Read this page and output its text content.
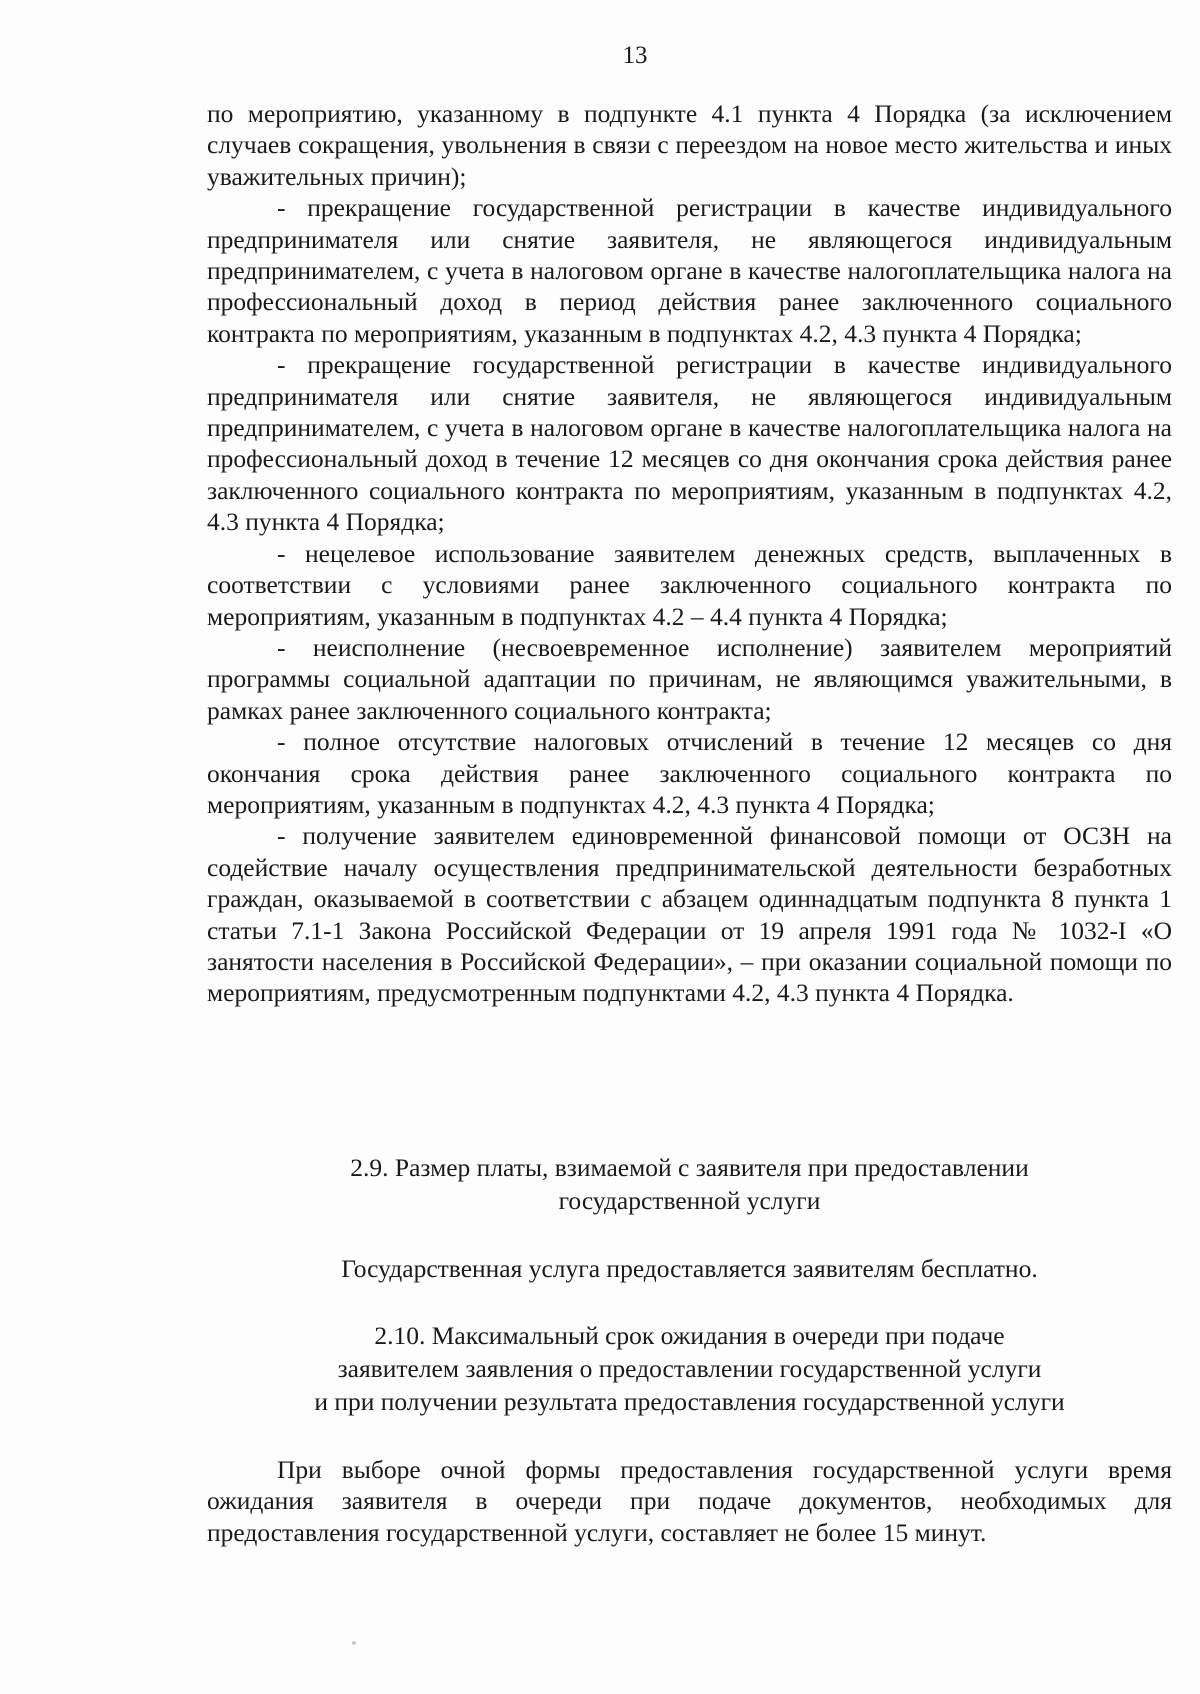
13

по мероприятию, указанному в подпункте 4.1 пункта 4 Порядка (за исключением случаев сокращения, увольнения в связи с переездом на новое место жительства и иных уважительных причин);

- прекращение государственной регистрации в качестве индивидуального предпринимателя или снятие заявителя, не являющегося индивидуальным предпринимателем, с учета в налоговом органе в качестве налогоплательщика налога на профессиональный доход в период действия ранее заключенного социального контракта по мероприятиям, указанным в подпунктах 4.2, 4.3 пункта 4 Порядка;

- прекращение государственной регистрации в качестве индивидуального предпринимателя или снятие заявителя, не являющегося индивидуальным предпринимателем, с учета в налоговом органе в качестве налогоплательщика налога на профессиональный доход в течение 12 месяцев со дня окончания срока действия ранее заключенного социального контракта по мероприятиям, указанным в подпунктах 4.2, 4.3 пункта 4 Порядка;

- нецелевое использование заявителем денежных средств, выплаченных в соответствии с условиями ранее заключенного социального контракта по мероприятиям, указанным в подпунктах 4.2 – 4.4 пункта 4 Порядка;

- неисполнение (несвоевременное исполнение) заявителем мероприятий программы социальной адаптации по причинам, не являющимся уважительными, в рамках ранее заключенного социального контракта;

- полное отсутствие налоговых отчислений в течение 12 месяцев со дня окончания срока действия ранее заключенного социального контракта по мероприятиям, указанным в подпунктах 4.2, 4.3 пункта 4 Порядка;

- получение заявителем единовременной финансовой помощи от ОСЗН на содействие началу осуществления предпринимательской деятельности безработных граждан, оказываемой в соответствии с абзацем одиннадцатым подпункта 8 пункта 1 статьи 7.1-1 Закона Российской Федерации от 19 апреля 1991 года № 1032-I «О занятости населения в Российской Федерации», – при оказании социальной помощи по мероприятиям, предусмотренным подпунктами 4.2, 4.3 пункта 4 Порядка.

2.9. Размер платы, взимаемой с заявителя при предоставлении
государственной услуги
Государственная услуга предоставляется заявителям бесплатно.
2.10. Максимальный срок ожидания в очереди при подаче
заявителем заявления о предоставлении государственной услуги
и при получении результата предоставления государственной услуги

При выборе очной формы предоставления государственной услуги время ожидания заявителя в очереди при подаче документов, необходимых для предоставления государственной услуги, составляет не более 15 минут.
